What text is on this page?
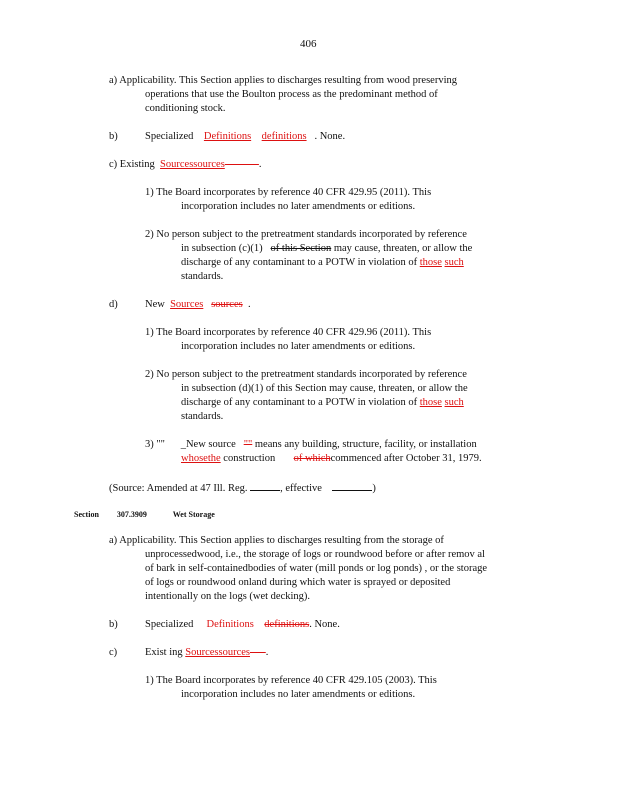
406
a) Applicability. This Section applies to discharges resulting from wood preserving
operations that use the Boulton process as the predominant method of
conditioning stock.
b)	Specialized Definitions definitions . None.
c) Existing Sourcessources	.
1) The Board incorporates by reference 40 CFR 429.95 (2011). This
incorporation includes no later amendments or editions.
2) No person subject to the pretreatment standards incorporated by reference
in subsection (c)(1) of this Section may cause, threaten, or allow the
discharge of any contaminant to a POTW in violation of those such
standards.
d)	New Sources sources  .
1) The Board incorporates by reference 40 CFR 429.96 (2011). This
incorporation includes no later amendments or editions.
2) No person subject to the pretreatment standards incorporated by reference
in subsection (d)(1) of this Section may cause, threaten, or allow the
discharge of any contaminant to a POTW in violation of those such
standards.
3) "" _New source "" means any building, structure, facility, or installation
whosethe construction of whichcommenced after October 31, 1979.
(Source: Amended at 47 Ill. Reg.	, effective	)
Section 307.3909	Wet Storage
a) Applicability. This Section applies to discharges resulting from the storage of
unprocessedwood, i.e., the storage of logs or roundwood before or after remov al
of bark in self-containedbodies of water (mill ponds or log ponds) , or the storage
of logs or roundwood onland during which water is sprayed or deposited
intentionally on the logs (wet decking).
b)	Specialized Definitions definitions. None.
c)	Exist ing Sourcessources .
1) The Board incorporates by reference 40 CFR 429.105 (2003). This
incorporation includes no later amendments or editions.
